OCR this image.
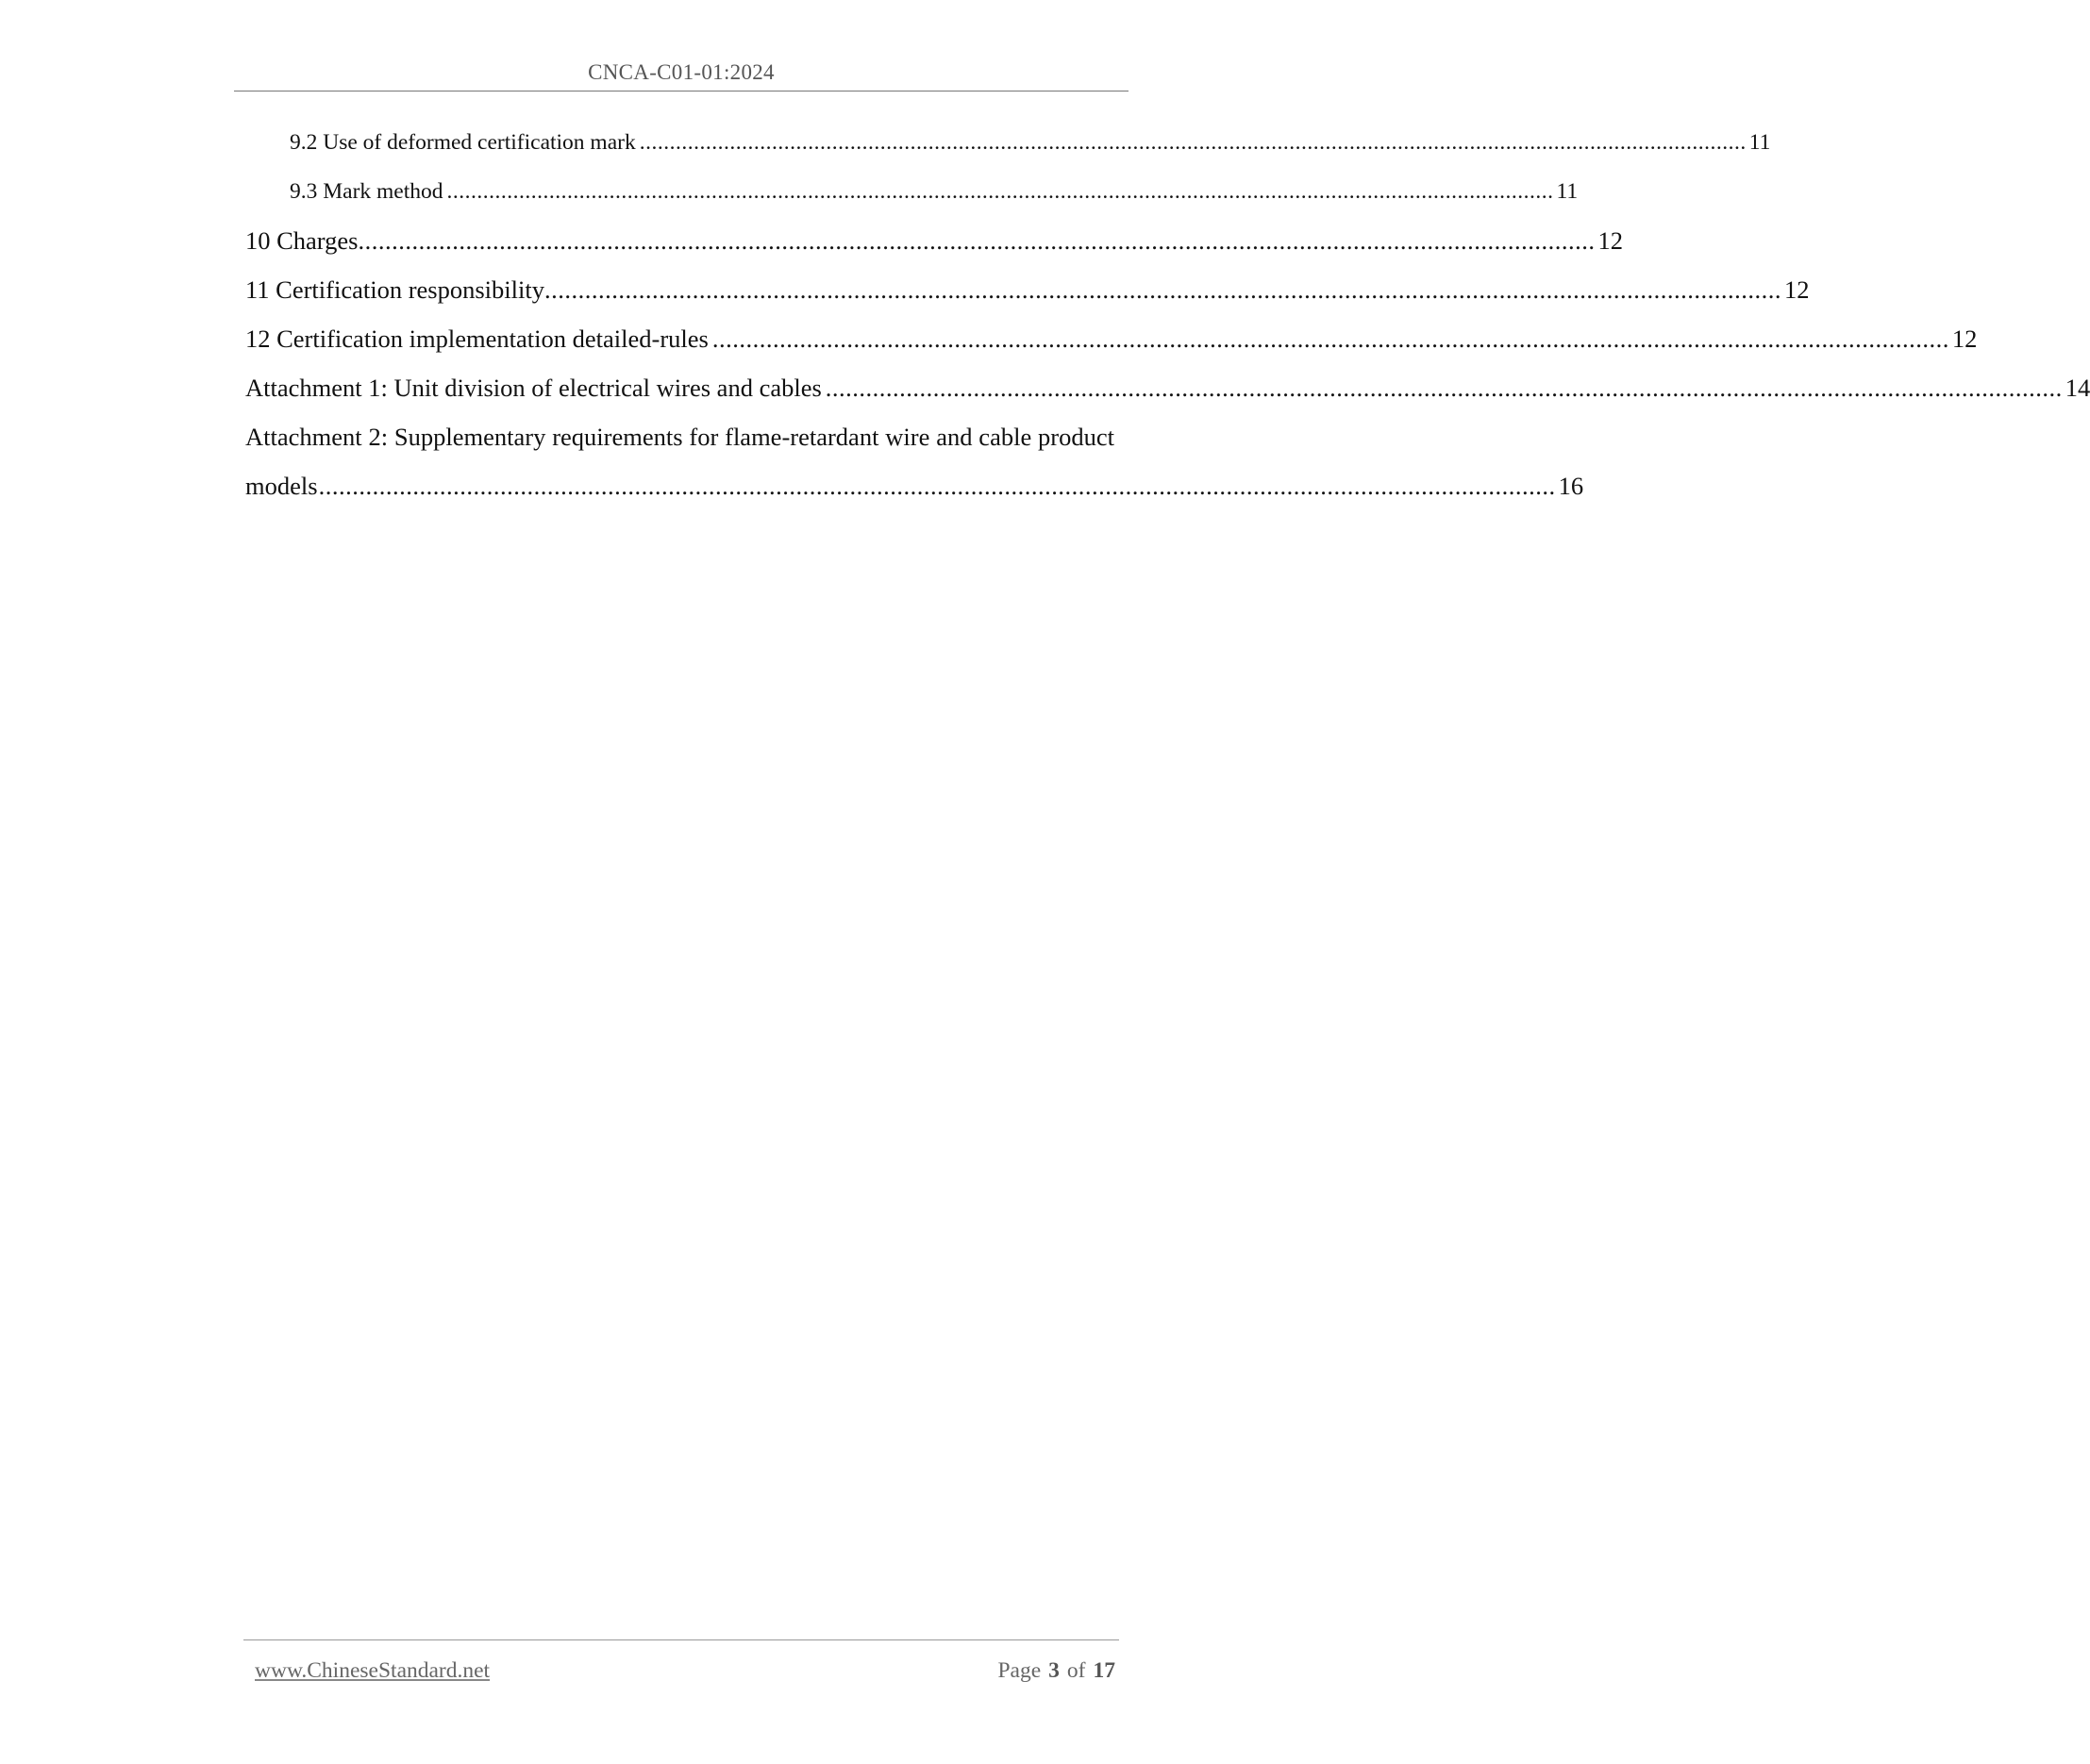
CNCA-C01-01:2024
9.2 Use of deformed certification mark ........................................................................................................................................................................................ 11
9.3 Mark method ........................................................................................................................................................................................ 11
10 Charges ........................................................................................................................................................................................ 12
11 Certification responsibility ........................................................................................................................................................................................ 12
12 Certification implementation detailed-rules ........................................................................................................................................................................................ 12
Attachment 1: Unit division of electrical wires and cables ........................................................................................................................................................................................ 14
Attachment 2: Supplementary requirements for flame-retardant wire and cable product
models ........................................................................................................................................................................................ 16
www.ChineseStandard.net	Page 3 of 17
